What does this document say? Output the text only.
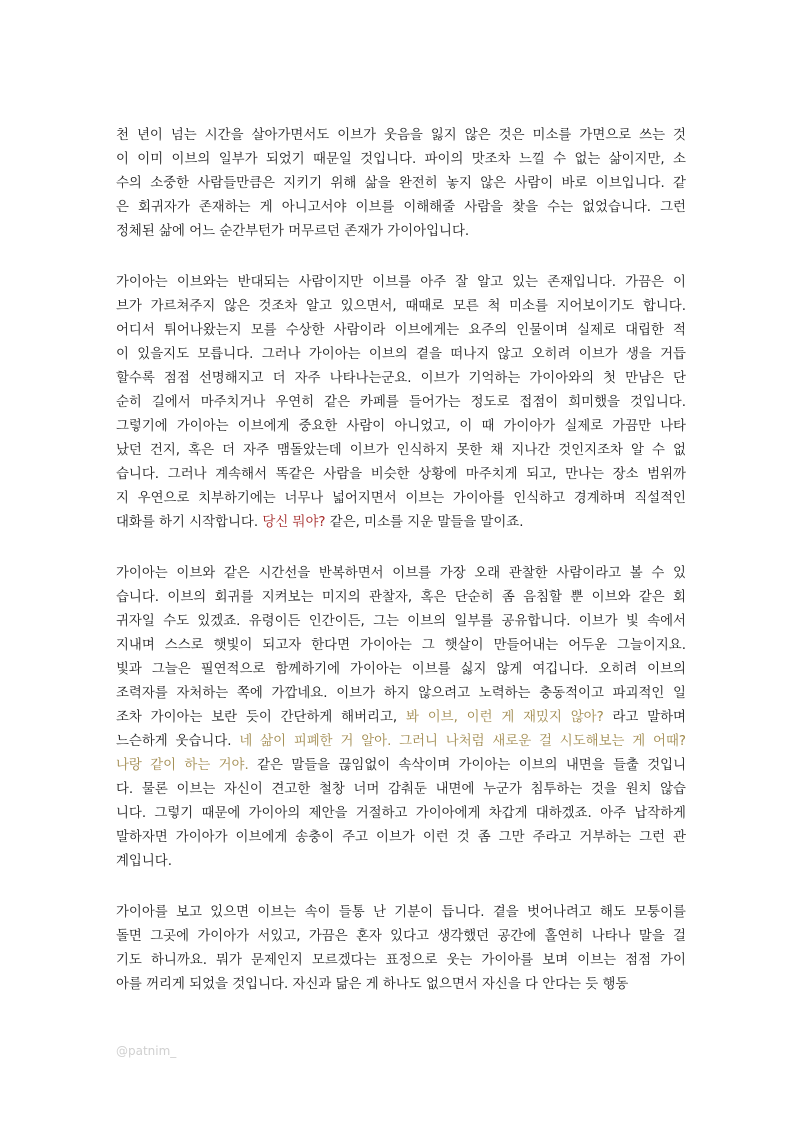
천 년이 넘는 시간을 살아가면서도 이브가 웃음을 잃지 않은 것은 미소를 가면으로 쓰는 것
이 이미 이브의 일부가 되었기 때문일 것입니다. 파이의 맛조차 느낄 수 없는 삶이지만, 소
수의 소중한 사람들만큼은 지키기 위해 삶을 완전히 놓지 않은 사람이 바로 이브입니다. 같
은 회귀자가 존재하는 게 아니고서야 이브를 이해해줄 사람을 찾을 수는 없었습니다. 그런
정체된 삶에 어느 순간부턴가 머무르던 존재가 가이아입니다.
가이아는 이브와는 반대되는 사람이지만 이브를 아주 잘 알고 있는 존재입니다. 가끔은 이
브가 가르쳐주지 않은 것조차 알고 있으면서, 때때로 모른 척 미소를 지어보이기도 합니다.
어디서 튀어나왔는지 모를 수상한 사람이라 이브에게는 요주의 인물이며 실제로 대립한 적
이 있을지도 모릅니다. 그러나 가이아는 이브의 곁을 떠나지 않고 오히려 이브가 생을 거듭
할수록 점점 선명해지고 더 자주 나타나는군요. 이브가 기억하는 가이아와의 첫 만남은 단
순히 길에서 마주치거나 우연히 같은 카페를 들어가는 정도로 접점이 희미했을 것입니다.
그렇기에 가이아는 이브에게 중요한 사람이 아니었고, 이 때 가이아가 실제로 가끔만 나타
났던 건지, 혹은 더 자주 맴돌았는데 이브가 인식하지 못한 채 지나간 것인지조차 알 수 없
습니다. 그러나 계속해서 똑같은 사람을 비슷한 상황에 마주치게 되고, 만나는 장소 범위까
지 우연으로 치부하기에는 너무나 넓어지면서 이브는 가이아를 인식하고 경계하며 직설적인
대화를 하기 시작합니다. 당신 뭐야? 같은, 미소를 지운 말들을 말이죠.
가이아는 이브와 같은 시간선을 반복하면서 이브를 가장 오래 관찰한 사람이라고 볼 수 있
습니다. 이브의 회귀를 지켜보는 미지의 관찰자, 혹은 단순히 좀 음침할 뿐 이브와 같은 회
귀자일 수도 있겠죠. 유령이든 인간이든, 그는 이브의 일부를 공유합니다. 이브가 빛 속에서
지내며 스스로 햇빛이 되고자 한다면 가이아는 그 햇살이 만들어내는 어두운 그늘이지요.
빛과 그늘은 필연적으로 함께하기에 가이아는 이브를 싫지 않게 여깁니다. 오히려 이브의
조력자를 자처하는 쪽에 가깝네요. 이브가 하지 않으려고 노력하는 충동적이고 파괴적인 일
조차 가이아는 보란 듯이 간단하게 해버리고, 봐 이브, 이런 게 재밌지 않아? 라고 말하며
느슨하게 웃습니다. 네 삶이 피폐한 거 알아. 그러니 나처럼 새로운 걸 시도해보는 게 어때?
나랑 같이 하는 거야. 같은 말들을 끊임없이 속삭이며 가이아는 이브의 내면을 들출 것입니
다. 물론 이브는 자신이 견고한 철창 너머 감춰둔 내면에 누군가 침투하는 것을 원치 않습
니다. 그렇기 때문에 가이아의 제안을 거절하고 가이아에게 차갑게 대하겠죠. 아주 납작하게
말하자면 가이아가 이브에게 송충이 주고 이브가 이런 것 좀 그만 주라고 거부하는 그런 관
계입니다.
가이아를 보고 있으면 이브는 속이 들통 난 기분이 듭니다. 곁을 벗어나려고 해도 모퉁이를
돌면 그곳에 가이아가 서있고, 가끔은 혼자 있다고 생각했던 공간에 홀연히 나타나 말을 걸
기도 하니까요. 뭐가 문제인지 모르겠다는 표정으로 웃는 가이아를 보며 이브는 점점 가이
아를 꺼리게 되었을 것입니다. 자신과 닮은 게 하나도 없으면서 자신을 다 안다는 듯 행동
@patnim_
